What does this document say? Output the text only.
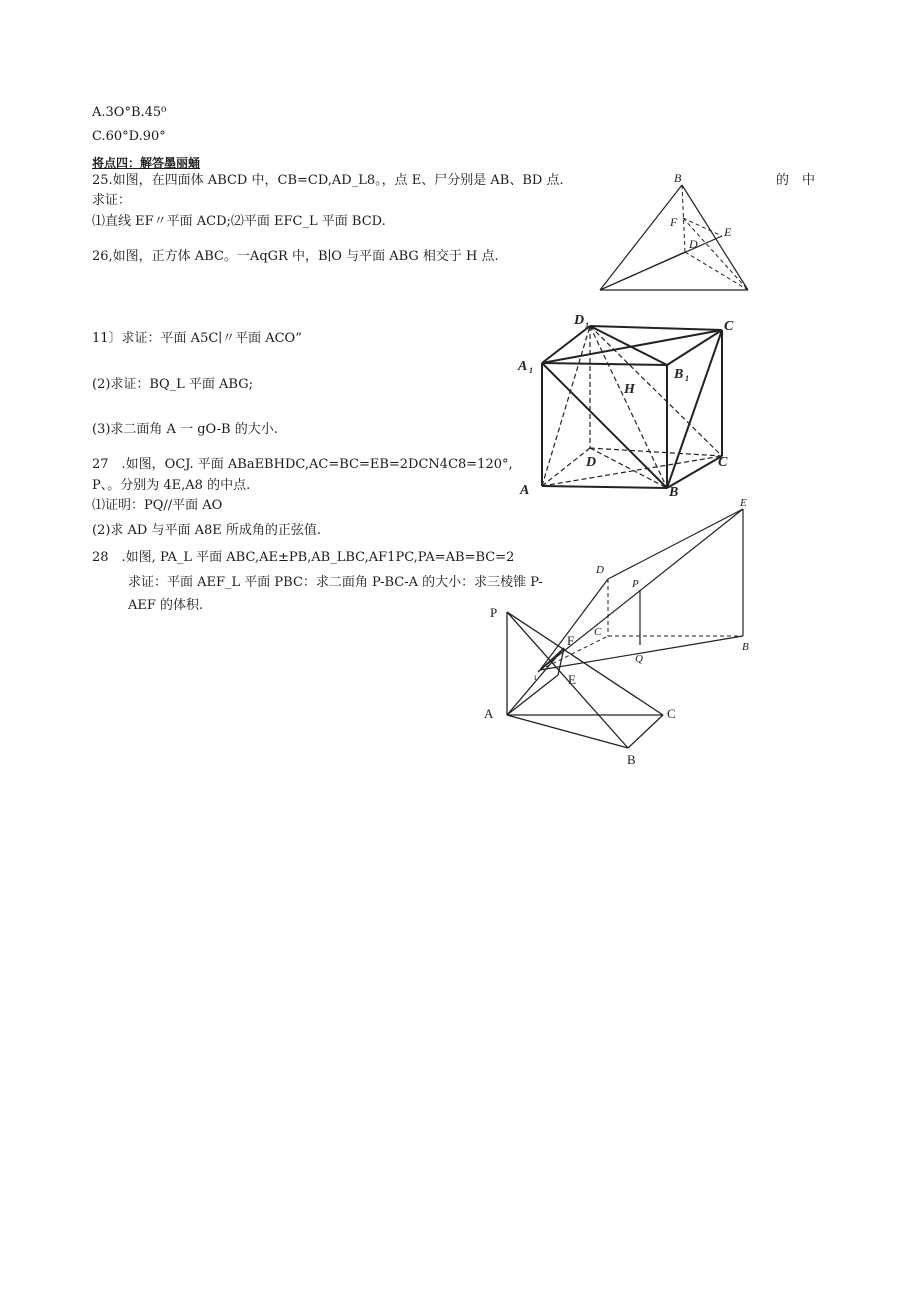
A.3O°B.45⁰
C.60°D.90°
将点四：解答墨丽蛹
25.如图，在四面体 ABCD 中，CB=CD,AD_L8。，点 E、尸分别是 AB、BD 点.	的　中
求证：
⑴直线 EF〃平面 ACD;⑵平面 EFC_L 平面 BCD.
26,如图，正方体 ABC。一AqGR 中，B∣O 与平面 ABG 相交于 H 点.
11〕求证：平面 A5C∣〃平面 ACO”
(2)求证：BQ_L 平面 ABG;
(3)求二面角 A 一 gO-B 的大小.
27　.如图，OCJ. 平面 ABaEBHDC,AC=BC=EB=2DCN4C8=120°,
P、。分别为 4E,A8 的中点.
⑴证明：PQ//平面 AO
(2)求 AD 与平面 A8E 所成角的正弦值.
28　.如图, PA_L 平面 ABC,AE±PB,AB_LBC,AF1PC,PA=AB=BC=2
求证：平面 AEF_L 平面 PBC：求二面角 P-BC-A 的大小：求三棱锥 P-
AEF 的体积.
B
F
E
D
D 1	C
A 1	B 1
H
D	C
A	B
E
D
P
C
B
Q
P
F
ı E
A	C
B
